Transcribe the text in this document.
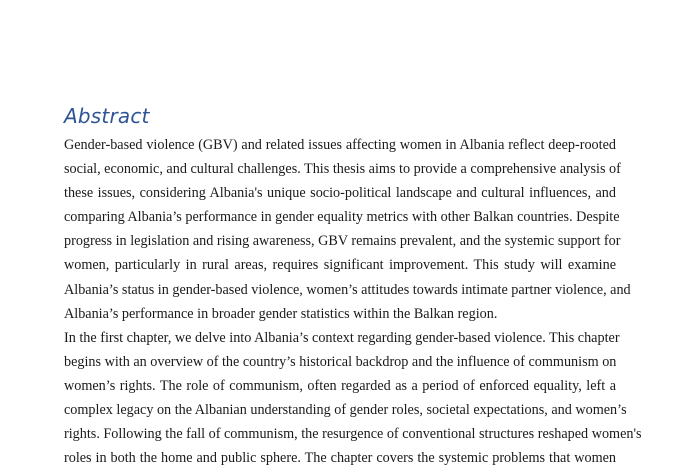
Abstract
Gender-based violence (GBV) and related issues affecting women in Albania reflect deep-rooted
social, economic, and cultural challenges. This thesis aims to provide a comprehensive analysis of
these issues, considering Albania's unique socio-political landscape and cultural influences, and
comparing Albania’s performance in gender equality metrics with other Balkan countries. Despite
progress in legislation and rising awareness, GBV remains prevalent, and the systemic support for
women, particularly in rural areas, requires significant improvement. This study will examine
Albania’s status in gender-based violence, women’s attitudes towards intimate partner violence, and
Albania’s performance in broader gender statistics within the Balkan region.
In the first chapter, we delve into Albania’s context regarding gender-based violence. This chapter
begins with an overview of the country’s historical backdrop and the influence of communism on
women’s rights. The role of communism, often regarded as a period of enforced equality, left a
complex legacy on the Albanian understanding of gender roles, societal expectations, and women’s
rights. Following the fall of communism, the resurgence of conventional structures reshaped women's
roles in both the home and public sphere. The chapter covers the systemic problems that women
